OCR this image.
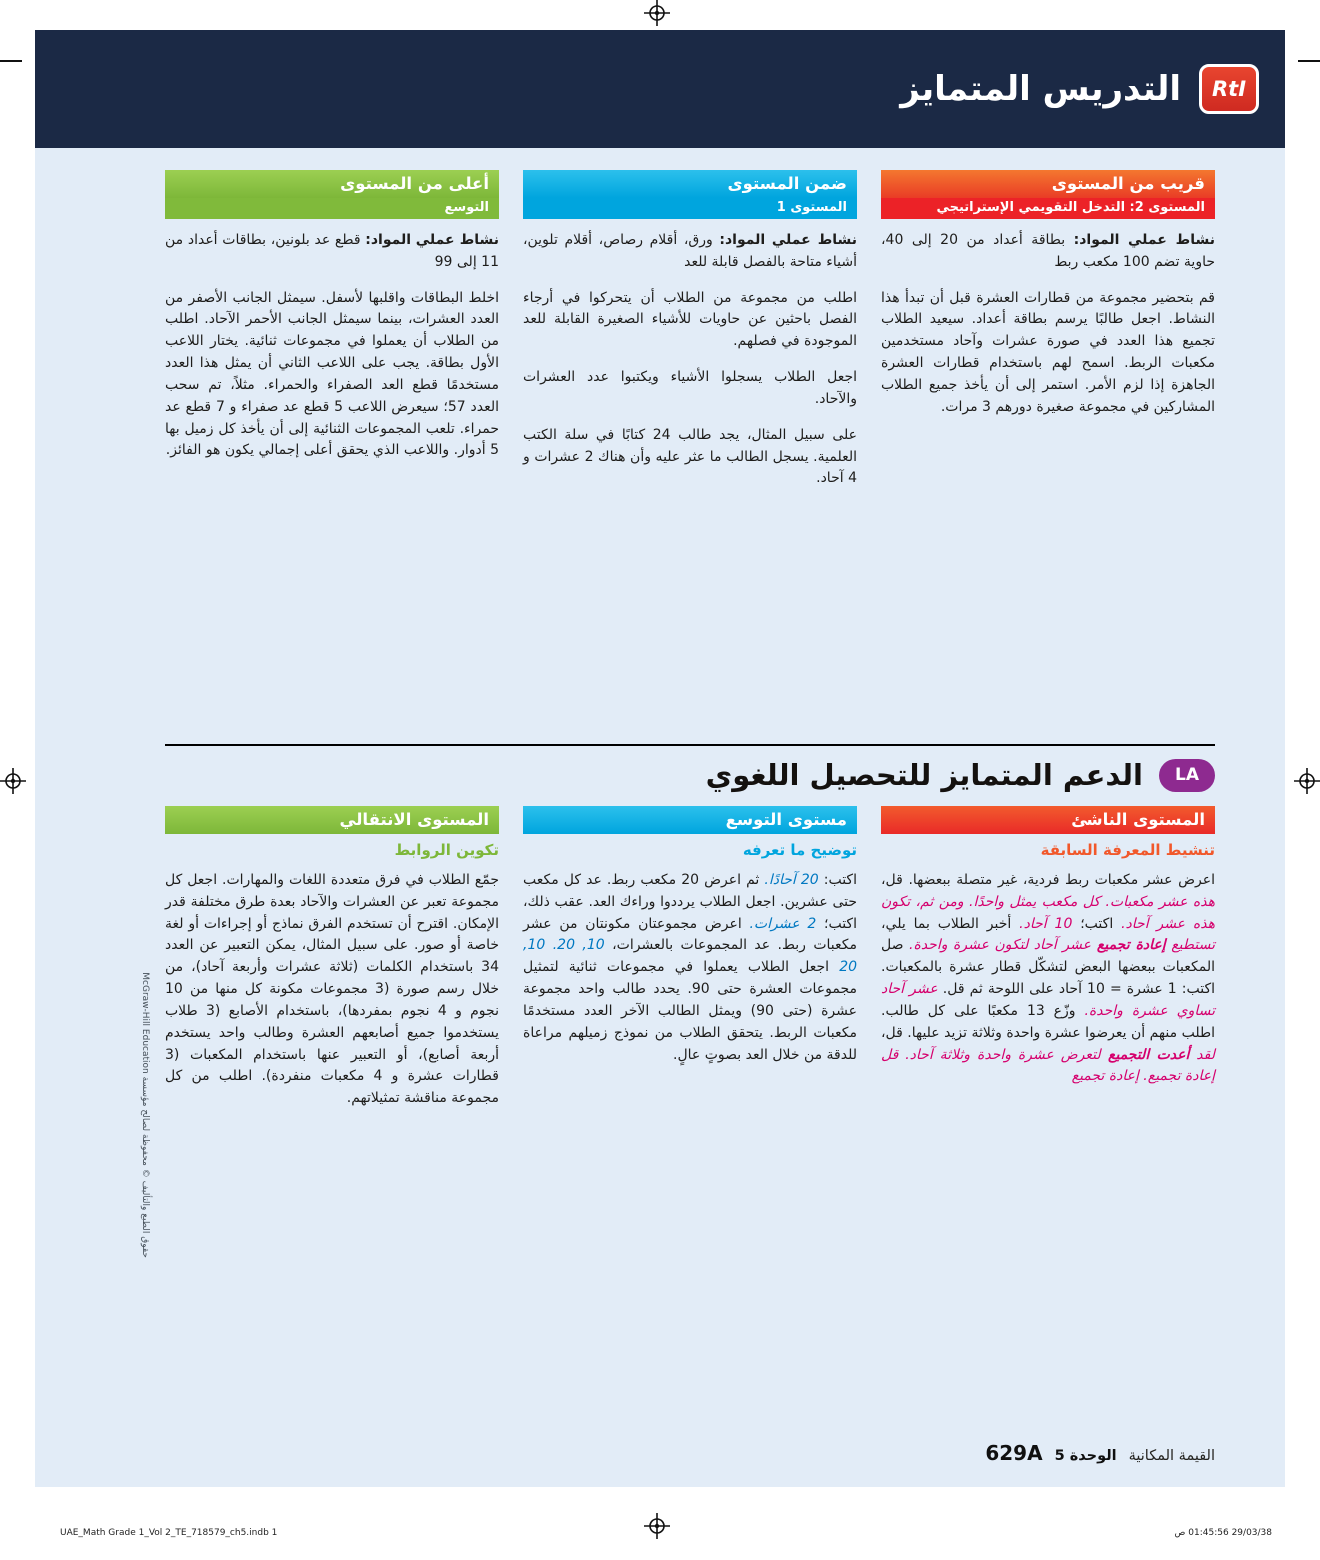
التدريس المتمايز	RtI
قريب من المستوى
المستوى 2: التدخل التقويمي الإستراتيجي

نشاط عملي المواد: بطاقة أعداد من 20 إلى 40، حاوية تضم 100 مكعب ربط

قم بتحضير مجموعة من قطارات العشرة قبل أن تبدأ هذا النشاط. اجعل طالبًا يرسم بطاقة أعداد. سيعيد الطلاب تجميع هذا العدد في صورة عشرات وآحاد مستخدمين مكعبات الربط. اسمح لهم باستخدام قطارات العشرة الجاهزة إذا لزم الأمر. استمر إلى أن يأخذ جميع الطلاب المشاركين في مجموعة صغيرة دورهم 3 مرات.

ضمن المستوى
المستوى 1

نشاط عملي المواد: ورق، أقلام رصاص، أقلام تلوين، أشياء متاحة بالفصل قابلة للعد

اطلب من مجموعة من الطلاب أن يتحركوا في أرجاء الفصل باحثين عن حاويات للأشياء الصغيرة القابلة للعد الموجودة في فصلهم.

اجعل الطلاب يسجلوا الأشياء ويكتبوا عدد العشرات والآحاد.

على سبيل المثال، يجد طالب 24 كتابًا في سلة الكتب العلمية. يسجل الطالب ما عثر عليه وأن هناك 2 عشرات و 4 آحاد.

أعلى من المستوى
التوسع

نشاط عملي المواد: قطع عد بلونين، بطاقات أعداد من 11 إلى 99

اخلط البطاقات واقلبها لأسفل. سيمثل الجانب الأصفر من العدد العشرات، بينما سيمثل الجانب الأحمر الآحاد. اطلب من الطلاب أن يعملوا في مجموعات ثنائية. يختار اللاعب الأول بطاقة. يجب على اللاعب الثاني أن يمثل هذا العدد مستخدمًا قطع العد الصفراء والحمراء. مثلاً، تم سحب العدد 57؛ سيعرض اللاعب 5 قطع عد صفراء و 7 قطع عد حمراء. تلعب المجموعات الثنائية إلى أن يأخذ كل زميل بها 5 أدوار. واللاعب الذي يحقق أعلى إجمالي يكون هو الفائز.

LA
الدعم المتمايز للتحصيل اللغوي
المستوى الناشئ
تنشيط المعرفة السابقة
اعرض عشر مكعبات ربط فردية، غير متصلة ببعضها. قل، هذه عشر مكعبات. كل مكعب يمثل واحدًا. ومن ثم، تكون هذه عشر آحاد. اكتب؛ 10 آحاد. أخبر الطلاب بما يلي، تستطيع إعادة تجميع عشر آحاد لتكون عشرة واحدة. صل المكعبات ببعضها البعض لتشكّل قطار عشرة بالمكعبات. اكتب: 1 عشرة = 10 آحاد على اللوحة ثم قل. عشر آحاد تساوي عشرة واحدة. وزّع 13 مكعبًا على كل طالب. اطلب منهم أن يعرضوا عشرة واحدة وثلاثة تزيد عليها. قل، لقد أعدت التجميع لتعرض عشرة واحدة وثلاثة آحاد. قل إعادة تجميع. إعادة تجميع
مستوى التوسع
توضيح ما تعرفه
اكتب: 20 آحادًا. ثم اعرض 20 مكعب ربط. عد كل مكعب حتى عشرين. اجعل الطلاب يرددوا وراءك العد. عقب ذلك، اكتب؛ 2 عشرات. اعرض مجموعتان مكونتان من عشر مكعبات ربط. عد المجموعات بالعشرات، 10, 20. 10, 20 اجعل الطلاب يعملوا في مجموعات ثنائية لتمثيل مجموعات العشرة حتى 90. يحدد طالب واحد مجموعة عشرة (حتى 90) ويمثل الطالب الآخر العدد مستخدمًا مكعبات الربط. يتحقق الطلاب من نموذج زميلهم مراعاة للدقة من خلال العد بصوتٍ عالٍ.
المستوى الانتقالي
تكوين الروابط
جمّع الطلاب في فرق متعددة اللغات والمهارات. اجعل كل مجموعة تعبر عن العشرات والآحاد بعدة طرق مختلفة قدر الإمكان. اقترح أن تستخدم الفرق نماذج أو إجراءات أو لغة خاصة أو صور. على سبيل المثال، يمكن التعبير عن العدد 34 باستخدام الكلمات (ثلاثة عشرات وأربعة آحاد)، من خلال رسم صورة (3 مجموعات مكونة كل منها من 10 نجوم و 4 نجوم بمفردها)، باستخدام الأصابع (3 طلاب يستخدموا جميع أصابعهم العشرة وطالب واحد يستخدم أربعة أصابع)، أو التعبير عنها باستخدام المكعبات (3 قطارات عشرة و 4 مكعبات منفردة). اطلب من كل مجموعة مناقشة تمثيلاتهم.
629A الوحدة 5 القيمة المكانية
حقوق الطبع والتأليف © محفوظة لصالح مؤسسة McGraw-Hill Education
UAE_Math Grade 1_Vol 2_TE_718579_ch5.indb 1	29/03/38 01:45:56 ص
